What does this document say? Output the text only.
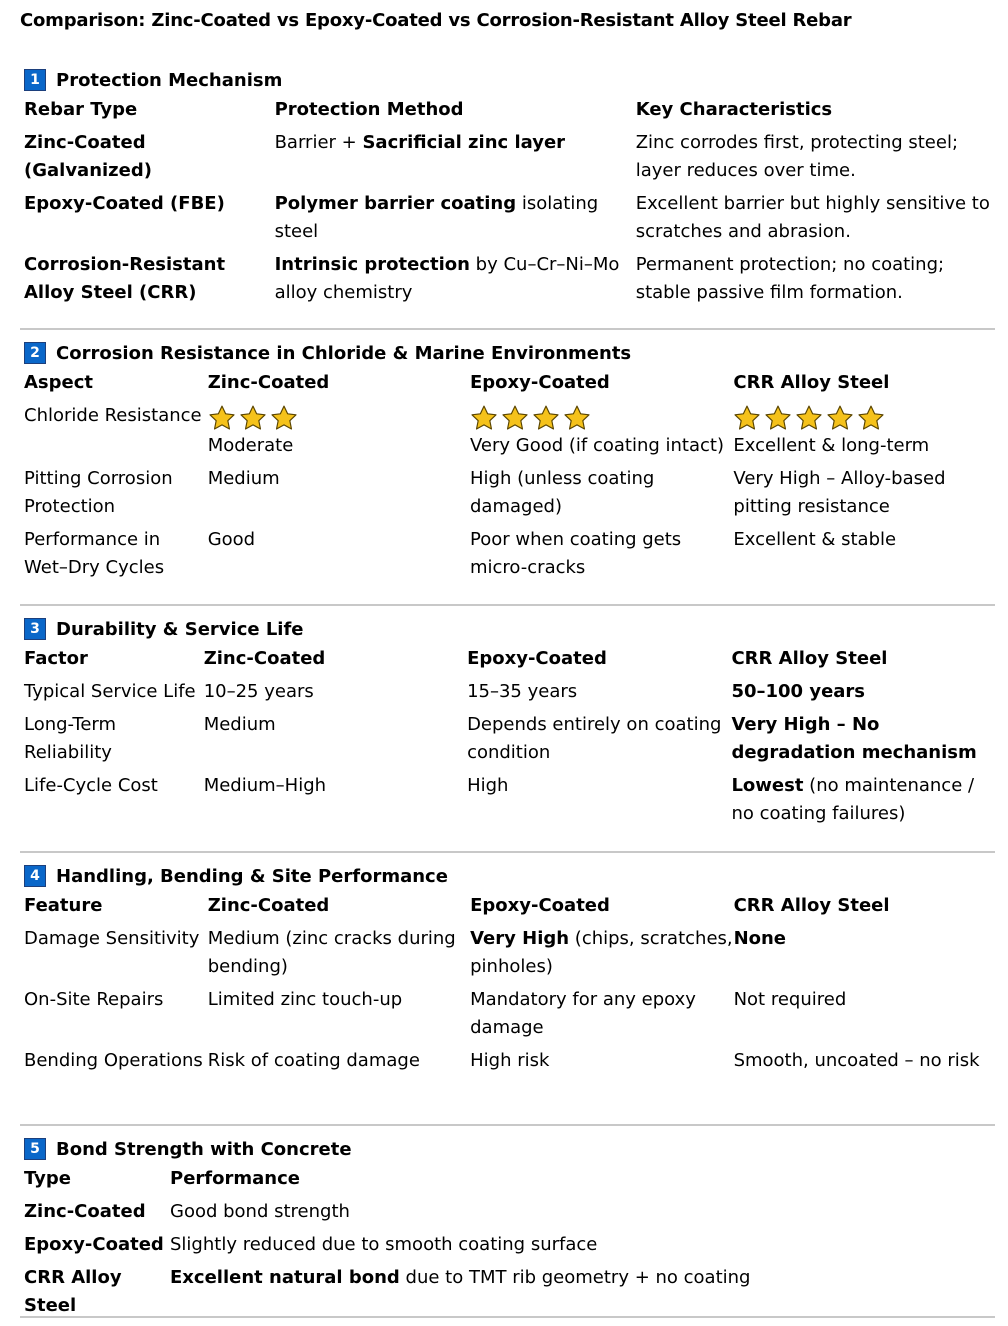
Comparison: Zinc-Coated vs Epoxy-Coated vs Corrosion-Resistant Alloy Steel Rebar
1 Protection Mechanism
Rebar Type	Protection Method	Key Characteristics
Zinc-Coated (Galvanized)	Barrier + Sacrificial zinc layer	Zinc corrodes first, protecting steel; layer reduces over time.
Epoxy-Coated (FBE)	Polymer barrier coating isolating steel	Excellent barrier but highly sensitive to scratches and abrasion.
Corrosion-Resistant Alloy Steel (CRR)	Intrinsic protection by Cu–Cr–Ni–Mo alloy chemistry	Permanent protection; no coating; stable passive film formation.
2 Corrosion Resistance in Chloride & Marine Environments
Aspect	Zinc-Coated	Epoxy-Coated	CRR Alloy Steel
Chloride Resistance	Moderate	Very Good (if coating intact)	Excellent & long-term

Pitting Corrosion Protection	Medium	High (unless coating damaged)	Very High – Alloy-based pitting resistance
Performance in Wet–Dry Cycles	Good	Poor when coating gets micro-cracks	Excellent & stable
3 Durability & Service Life
Factor	Zinc-Coated	Epoxy-Coated	CRR Alloy Steel
Typical Service Life	10–25 years	15–35 years	50–100 years
Long-Term Reliability	Medium	Depends entirely on coating condition	Very High – No degradation mechanism
Life-Cycle Cost	Medium–High	High	Lowest (no maintenance / no coating failures)
4 Handling, Bending & Site Performance
Feature	Zinc-Coated	Epoxy-Coated	CRR Alloy Steel
Damage Sensitivity	Medium (zinc cracks during bending)	Very High (chips, scratches, pinholes)	None
On-Site Repairs	Limited zinc touch-up	Mandatory for any epoxy damage	Not required
Bending Operations	Risk of coating damage	High risk	Smooth, uncoated – no risk
5 Bond Strength with Concrete
Type	Performance
Zinc-Coated	Good bond strength
Epoxy-Coated	Slightly reduced due to smooth coating surface
CRR Alloy Steel	Excellent natural bond due to TMT rib geometry + no coating
